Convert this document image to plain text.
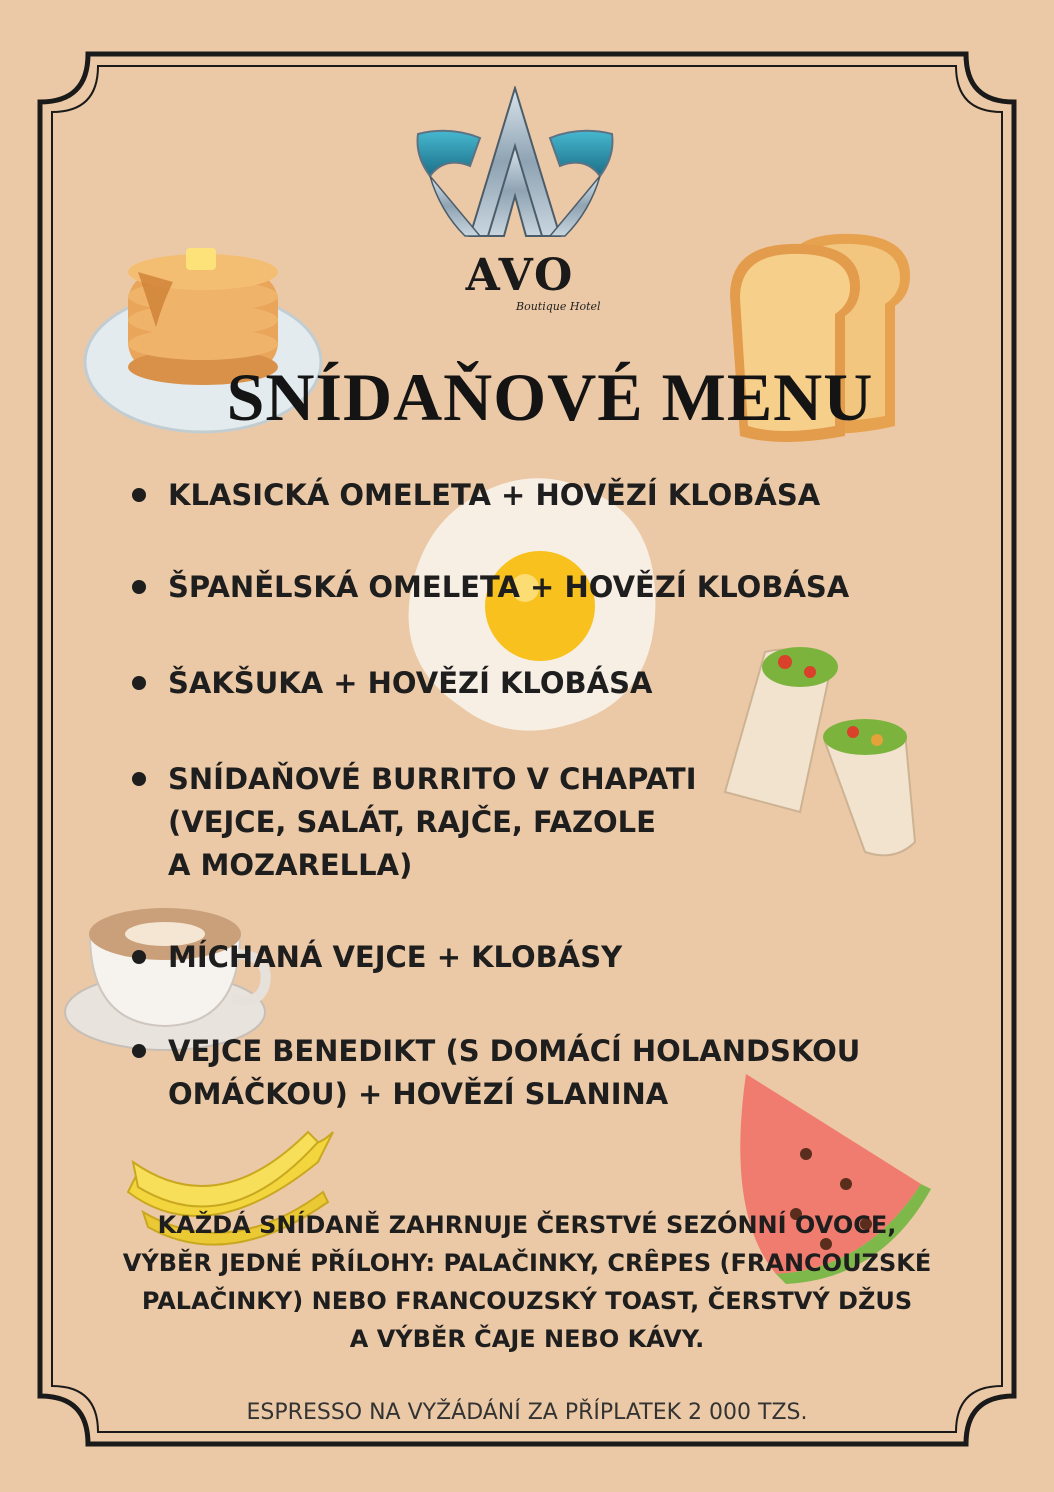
AVO
Boutique Hotel
SNÍDAŇOVÉ MENU
KLASICKÁ OMELETA + HOVĚZÍ KLOBÁSA
ŠPANĚLSKÁ OMELETA + HOVĚZÍ KLOBÁSA
ŠAKŠUKA + HOVĚZÍ KLOBÁSA
SNÍDAŇOVÉ BURRITO V CHAPATI
(VEJCE, SALÁT, RAJČE, FAZOLE
A MOZARELLA)
MÍCHANÁ VEJCE + KLOBÁSY
VEJCE BENEDIKT (S DOMÁCÍ HOLANDSKOU
OMÁČKOU) + HOVĚZÍ SLANINA
KAŽDÁ SNÍDANĚ ZAHRNUJE ČERSTVÉ SEZÓNNÍ OVOCE,
VÝBĚR JEDNÉ PŘÍLOHY: PALAČINKY, CRÊPES (FRANCOUZSKÉ
PALAČINKY) NEBO FRANCOUZSKÝ TOAST, ČERSTVÝ DŽUS
A VÝBĚR ČAJE NEBO KÁVY.
ESPRESSO NA VYŽÁDÁNÍ ZA PŘÍPLATEK 2 000 TZS.
